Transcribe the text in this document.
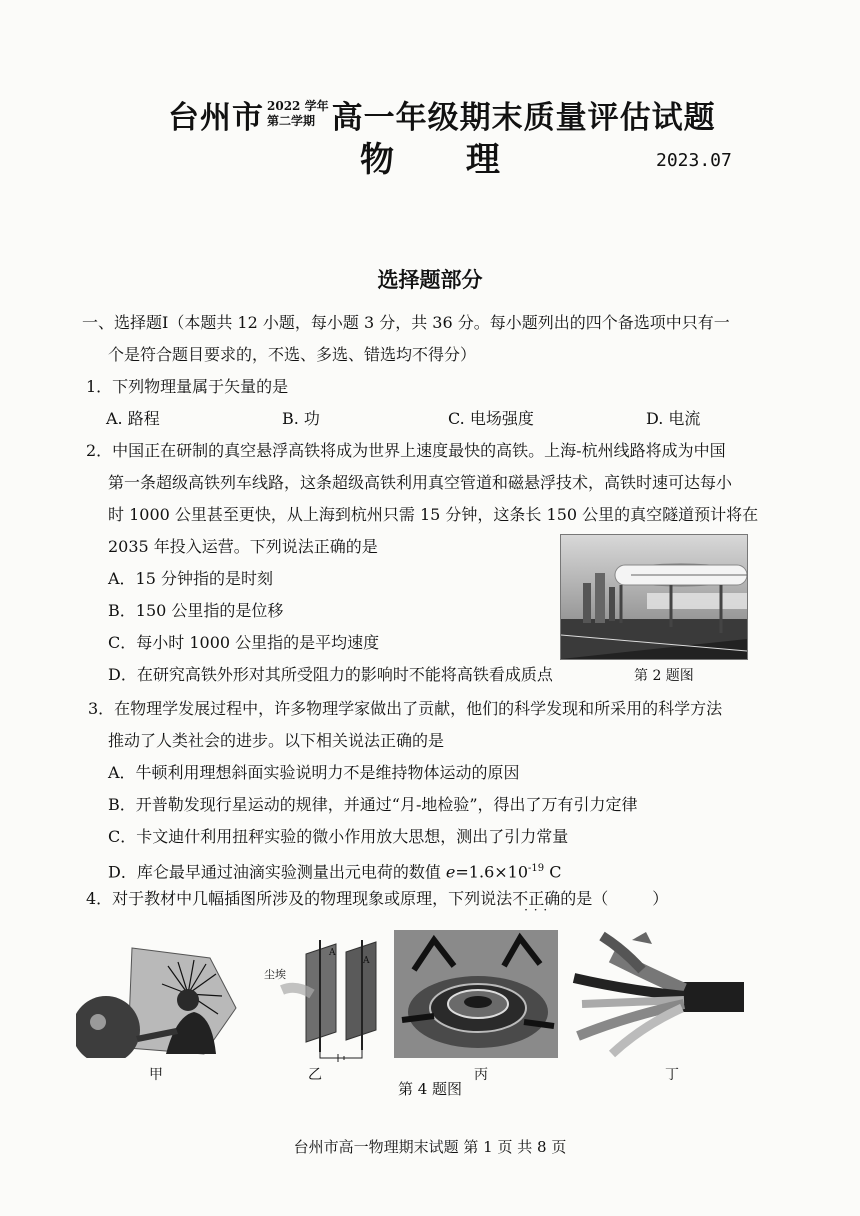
台州市 2022 学年
第二学期 高一年级期末质量评估试题
物 理	2023.07
选择题部分
一、选择题Ⅰ（本题共 12 小题，每小题 3 分，共 36 分。每小题列出的四个备选项中只有一
个是符合题目要求的，不选、多选、错选均不得分）
1．下列物理量属于矢量的是
A. 路程	B. 功	C. 电场强度	D. 电流
2．中国正在研制的真空悬浮高铁将成为世界上速度最快的高铁。上海-杭州线路将成为中国
第一条超级高铁列车线路，这条超级高铁利用真空管道和磁悬浮技术，高铁时速可达每小
时 1000 公里甚至更快，从上海到杭州只需 15 分钟，这条长 150 公里的真空隧道预计将在
2035 年投入运营。下列说法正确的是
A．15 分钟指的是时刻
B．150 公里指的是位移
C．每小时 1000 公里指的是平均速度
D．在研究高铁外形对其所受阻力的影响时不能将高铁看成质点	第 2 题图
3．在物理学发展过程中，许多物理学家做出了贡献，他们的科学发现和所采用的科学方法
推动了人类社会的进步。以下相关说法正确的是
A．牛顿利用理想斜面实验说明力不是维持物体运动的原因
B．开普勒发现行星运动的规律，并通过“月-地检验”，得出了万有引力定律
C．卡文迪什利用扭秤实验的微小作用放大思想，测出了引力常量
D．库仑最早通过油滴实验测量出元电荷的数值 $e=1.6\times 10^{-19}$ C
4．对于教材中几幅插图所涉及的物理现象或原理，下列说法不正确 · · ·的是（	）
甲
尘埃
A
A
乙	丙	丁
第 4 题图
台州市高一物理期末试题 第 1 页 共 8 页
